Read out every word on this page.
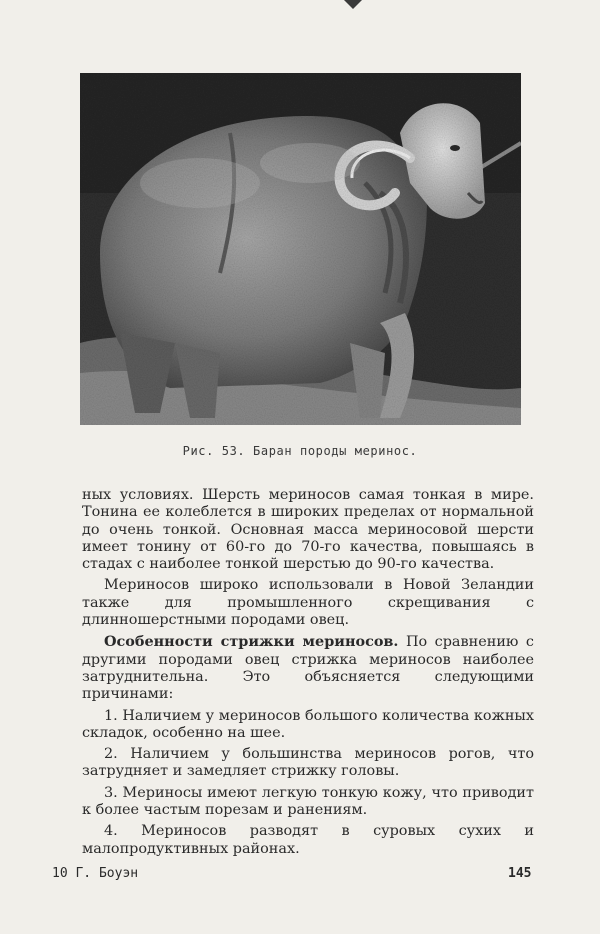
Рис. 53. Баран породы меринос.

ных условиях. Шерсть мериносов самая тонкая в мире. Тонина ее колеблется в широких пределах от нормальной до очень тонкой. Основная масса мериносовой шерсти имеет тонину от 60-го до 70-го качества, повышаясь в стадах с наиболее тонкой шерстью до 90-го качества.

Мериносов широко использовали в Новой Зеландии также для промышленного скрещивания с длинношерстными породами овец.

Особенности стрижки мериносов. По сравнению с другими породами овец стрижка мериносов наиболее затруднительна. Это объясняется следующими причинами:

1. Наличием у мериносов большого количества кожных складок, особенно на шее.

2. Наличием у большинства мериносов рогов, что затрудняет и замедляет стрижку головы.

3. Мериносы имеют легкую тонкую кожу, что приводит к более частым порезам и ранениям.

4. Мериносов разводят в суровых сухих и малопродуктивных районах.

10 Г. Боуэн	145
